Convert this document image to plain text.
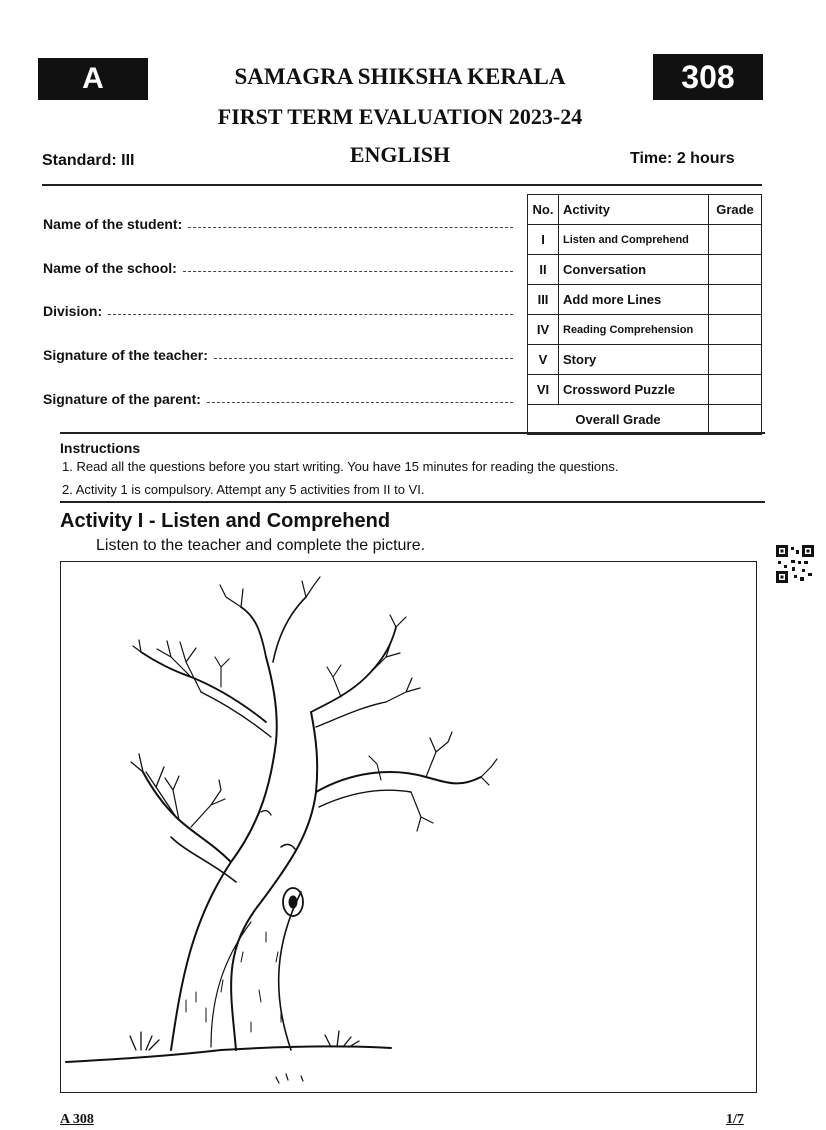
A	308
SAMAGRA SHIKSHA KERALA
FIRST TERM EVALUATION 2023-24
ENGLISH
Standard: III	Time: 2 hours
Name of the student:
Name of the school:
Division:
Signature of the teacher:
Signature of the parent:
No.	Activity	Grade
I	Listen and Comprehend	
II	Conversation	
III	Add more Lines	
IV	Reading Comprehension	
V	Story	
VI	Crossword Puzzle	
Overall Grade		
Instructions
1. Read all the questions before you start writing. You have 15 minutes for reading the questions.
2. Activity 1 is compulsory. Attempt any 5 activities from II to VI.
Activity I - Listen and Comprehend
Listen to the teacher and complete the picture.
A 308	1/7
